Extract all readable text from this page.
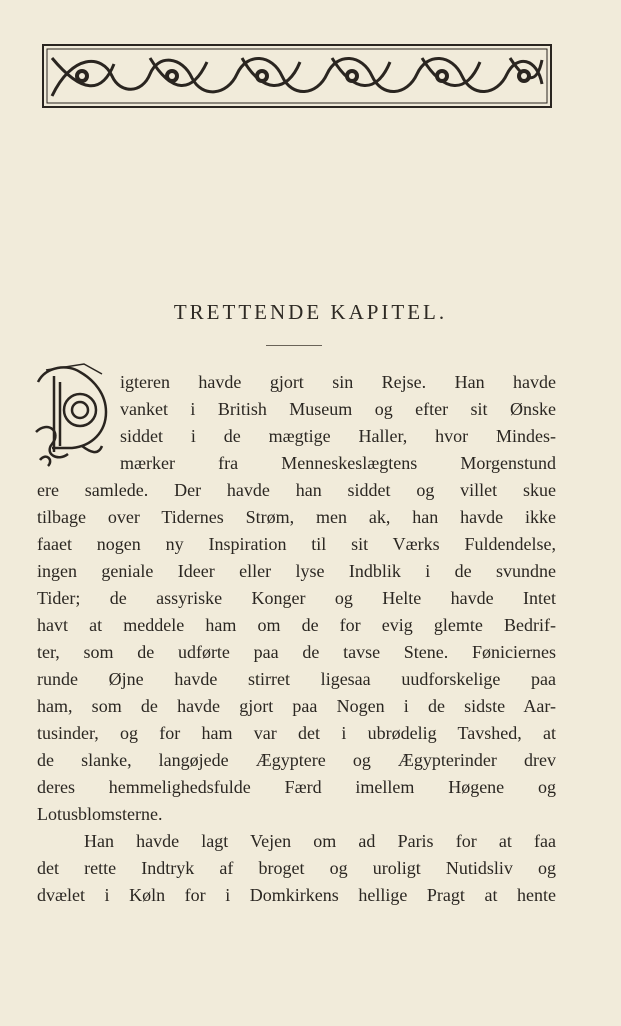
TRETTENDE KAPITEL.
igteren havde gjort sin Rejse. Han havde
vanket i British Museum og efter sit Ønske
siddet i de mægtige Haller, hvor Mindes-
mærker fra Menneskeslægtens Morgenstund
ere samlede. Der havde han siddet og villet skue
tilbage over Tidernes Strøm, men ak, han havde ikke
faaet nogen ny Inspiration til sit Værks Fuldendelse,
ingen geniale Ideer eller lyse Indblik i de svundne
Tider; de assyriske Konger og Helte havde Intet
havt at meddele ham om de for evig glemte Bedrif-
ter, som de udførte paa de tavse Stene. Føniciernes
runde Øjne havde stirret ligesaa uudforskelige paa
ham, som de havde gjort paa Nogen i de sidste Aar-
tusinder, og for ham var det i ubrødelig Tavshed, at
de slanke, langøjede Ægyptere og Ægypterinder drev
deres hemmelighedsfulde Færd imellem Høgene og
Lotusblomsterne.
Han havde lagt Vejen om ad Paris for at faa
det rette Indtryk af broget og uroligt Nutidsliv og
dvælet i Køln for i Domkirkens hellige Pragt at hente
